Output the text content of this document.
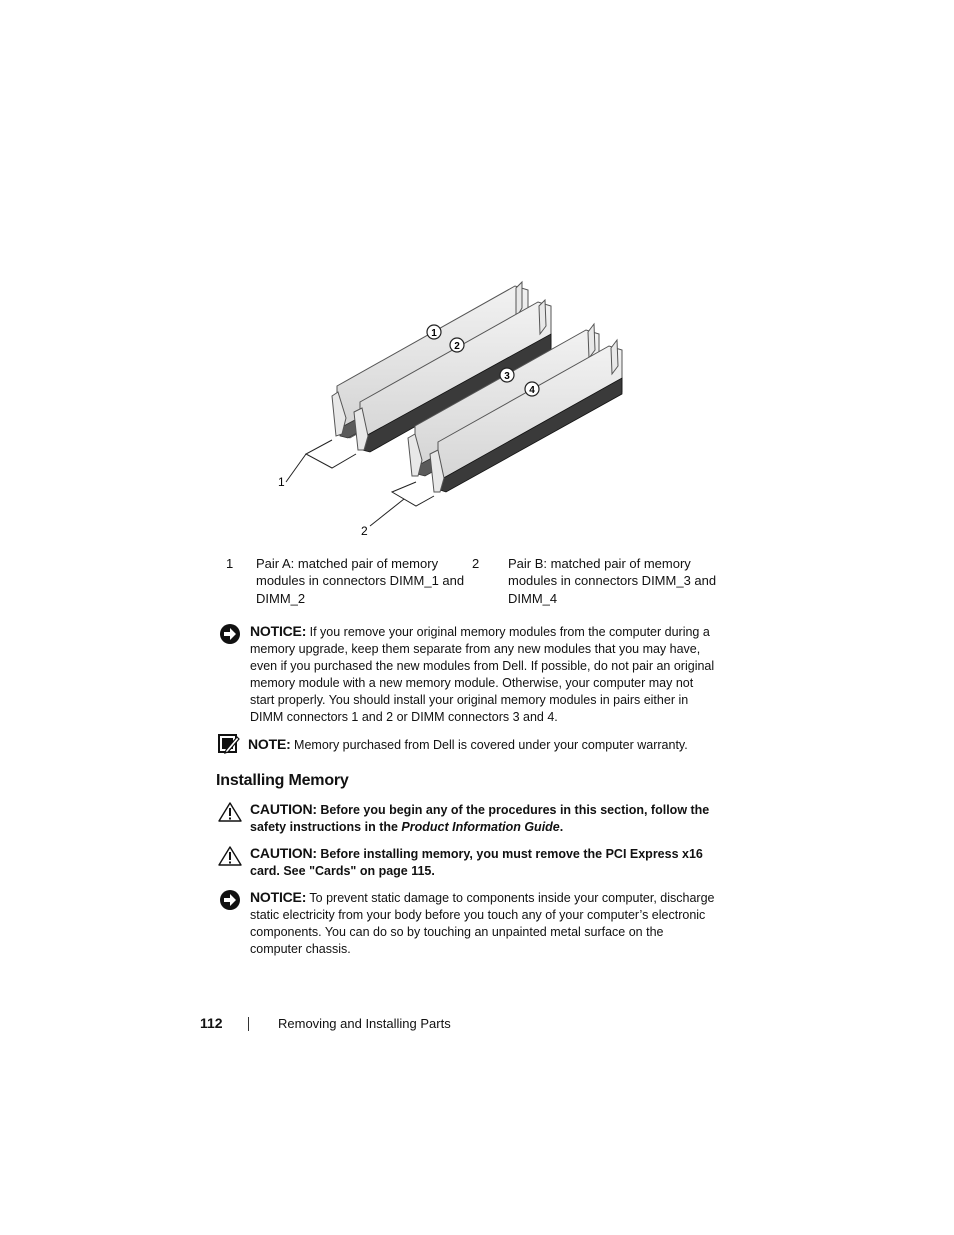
1
2
3
4
1
2
1 Pair A: matched pair of memory modules in connectors DIMM_1 and DIMM_2
2 Pair B: matched pair of memory modules in connectors DIMM_3 and DIMM_4
NOTICE: If you remove your original memory modules from the computer during a memory upgrade, keep them separate from any new modules that you may have, even if you purchased the new modules from Dell. If possible, do not pair an original memory module with a new memory module. Otherwise, your computer may not start properly. You should install your original memory modules in pairs either in DIMM connectors 1 and 2 or DIMM connectors 3 and 4.
NOTE: Memory purchased from Dell is covered under your computer warranty.
Installing Memory
CAUTION: Before you begin any of the procedures in this section, follow the safety instructions in the Product Information Guide.
CAUTION: Before installing memory, you must remove the PCI Express x16 card. See "Cards" on page 115.
NOTICE: To prevent static damage to components inside your computer, discharge static electricity from your body before you touch any of your computer’s electronic components. You can do so by touching an unpainted metal surface on the computer chassis.
112	Removing and Installing Parts
